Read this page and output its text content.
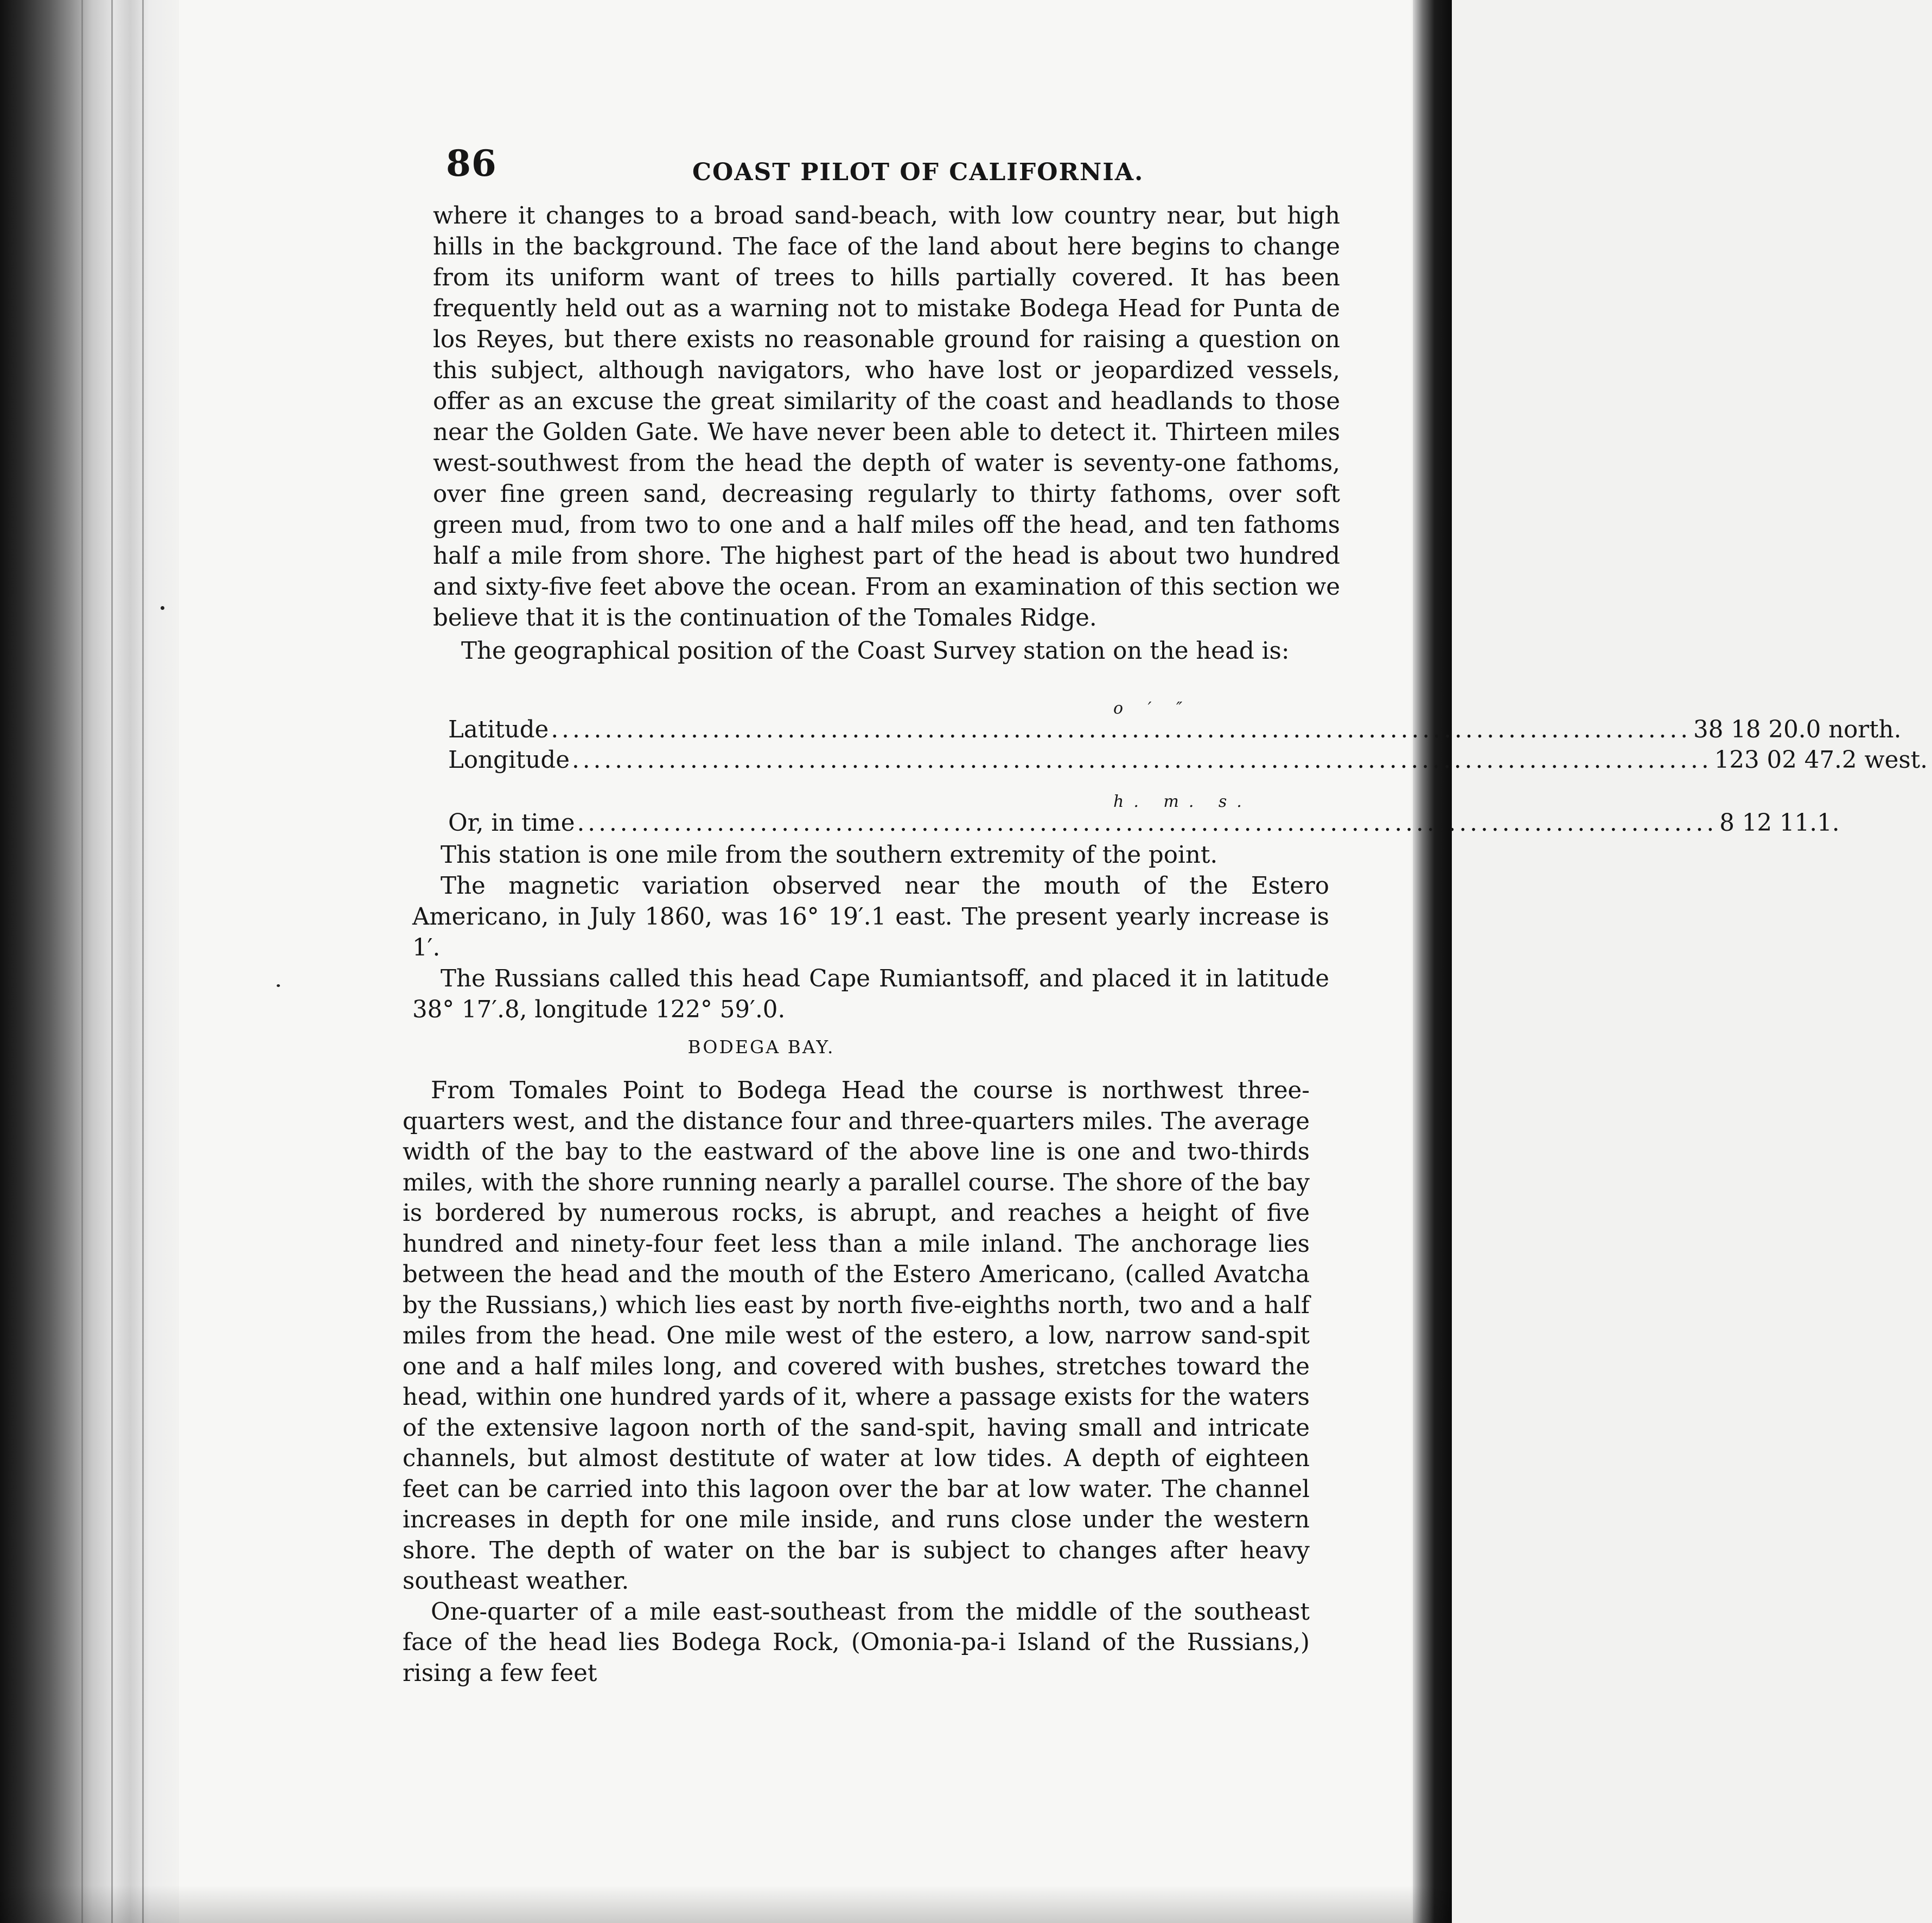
86	COAST PILOT OF CALIFORNIA.

where it changes to a broad sand-beach, with low country near, but high hills in the background. The face of the land about here begins to change from its uniform want of trees to hills partially covered. It has been frequently held out as a warning not to mistake Bodega Head for Punta de los Reyes, but there exists no reasonable ground for raising a question on this subject, although navigators, who have lost or jeopardized vessels, offer as an excuse the great similarity of the coast and headlands to those near the Golden Gate. We have never been able to detect it. Thirteen miles west-southwest from the head the depth of water is seventy-one fathoms, over fine green sand, decreasing regularly to thirty fathoms, over soft green mud, from two to one and a half miles off the head, and ten fathoms half a mile from shore. The highest part of the head is about two hundred and sixty-five feet above the ocean. From an examination of this section we believe that it is the continuation of the Tomales Ridge.

The geographical position of the Coast Survey station on the head is:

o ′ ″
Latitude .......................................................................................................... 38 18 20.0 north.
Longitude .......................................................................................................... 123 02 47.2 west.
h. m. s.
Or, in time .......................................................................................................... 8 12 11.1.

This station is one mile from the southern extremity of the point.

The magnetic variation observed near the mouth of the Estero Americano, in July 1860, was 16° 19′.1 east. The present yearly increase is 1′.

The Russians called this head Cape Rumiantsoff, and placed it in latitude 38° 17′.8, longitude 122° 59′.0.

BODEGA BAY.

From Tomales Point to Bodega Head the course is northwest three-quarters west, and the distance four and three-quarters miles. The average width of the bay to the eastward of the above line is one and two-thirds miles, with the shore running nearly a parallel course. The shore of the bay is bordered by numerous rocks, is abrupt, and reaches a height of five hundred and ninety-four feet less than a mile inland. The anchorage lies between the head and the mouth of the Estero Americano, (called Avatcha by the Russians,) which lies east by north five-eighths north, two and a half miles from the head. One mile west of the estero, a low, narrow sand-spit one and a half miles long, and covered with bushes, stretches toward the head, within one hundred yards of it, where a passage exists for the waters of the extensive lagoon north of the sand-spit, having small and intricate channels, but almost destitute of water at low tides. A depth of eighteen feet can be carried into this lagoon over the bar at low water. The channel increases in depth for one mile inside, and runs close under the western shore. The depth of water on the bar is subject to changes after heavy southeast weather.

One-quarter of a mile east-southeast from the middle of the southeast face of the head lies Bodega Rock, (Omonia-pa-i Island of the Russians,) rising a few feet
